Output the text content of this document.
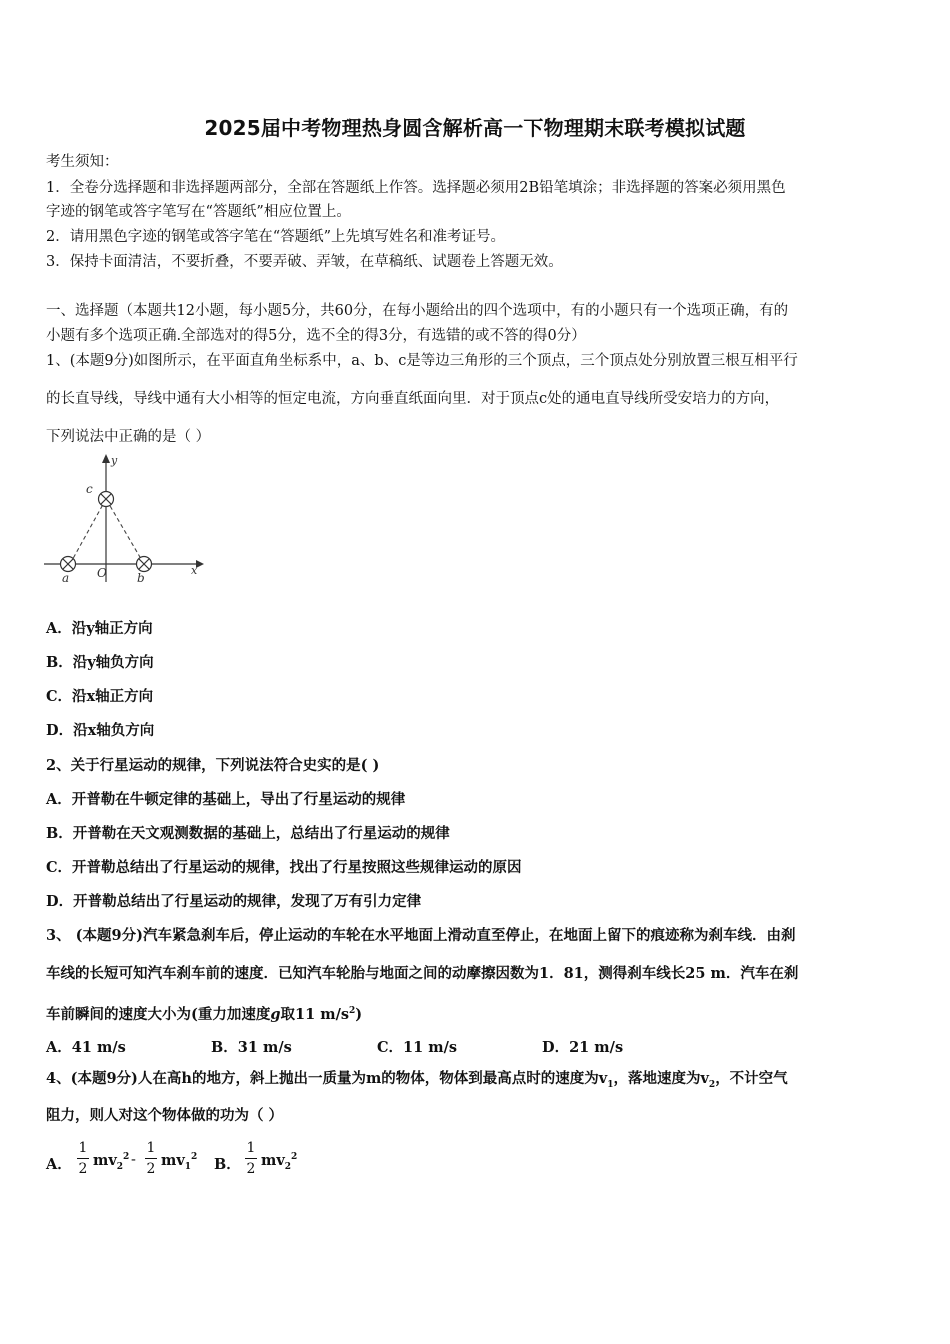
2025届中考物理热身圆含解析高一下物理期末联考模拟试题
考生须知：
1．全卷分选择题和非选择题两部分，全部在答题纸上作答。选择题必须用2B铅笔填涂；非选择题的答案必须用黑色
字迹的钢笔或答字笔写在“答题纸”相应位置上。
2．请用黑色字迹的钢笔或答字笔在“答题纸”上先填写姓名和准考证号。
3．保持卡面清洁，不要折叠，不要弄破、弄皱，在草稿纸、试题卷上答题无效。
一、选择题（本题共12小题，每小题5分，共60分，在每小题给出的四个选项中，有的小题只有一个选项正确，有的
小题有多个选项正确.全部选对的得5分，选不全的得3分，有选错的或不答的得0分）
1、(本题9分)如图所示，在平面直角坐标系中，a、b、c是等边三角形的三个顶点，三个顶点处分别放置三根互相平行
的长直导线，导线中通有大小相等的恒定电流，方向垂直纸面向里．对于顶点c处的通电直导线所受安培力的方向，
下列说法中正确的是（ ）
y
x
c
a O	b
A．沿y轴正方向
B．沿y轴负方向
C．沿x轴正方向
D．沿x轴负方向
2、关于行星运动的规律，下列说法符合史实的是( )
A．开普勒在牛顿定律的基础上，导出了行星运动的规律
B．开普勒在天文观测数据的基础上，总结出了行星运动的规律
C．开普勒总结出了行星运动的规律，找出了行星按照这些规律运动的原因
D．开普勒总结出了行星运动的规律，发现了万有引力定律
3、 (本题9分)汽车紧急刹车后，停止运动的车轮在水平地面上滑动直至停止，在地面上留下的痕迹称为刹车线．由刹
车线的长短可知汽车刹车前的速度．已知汽车轮胎与地面之间的动摩擦因数为1．81，测得刹车线长25 m．汽车在刹
车前瞬间的速度大小为(重力加速度g取11 $m/s^2$)
A．41 m/s	B．31 m/s	C．11 m/s	D．21 m/s
4、(本题9分)人在高h的地方，斜上抛出一质量为m的物体，物体到最高点时的速度为$v_1$，落地速度为$v_2$，不计空气
阻力，则人对这个物体做的功为（ ）
A．
1
2 $mv_2^2$ -
1
2 $mv_1^2$ B．
1
2 $mv_2^2$
